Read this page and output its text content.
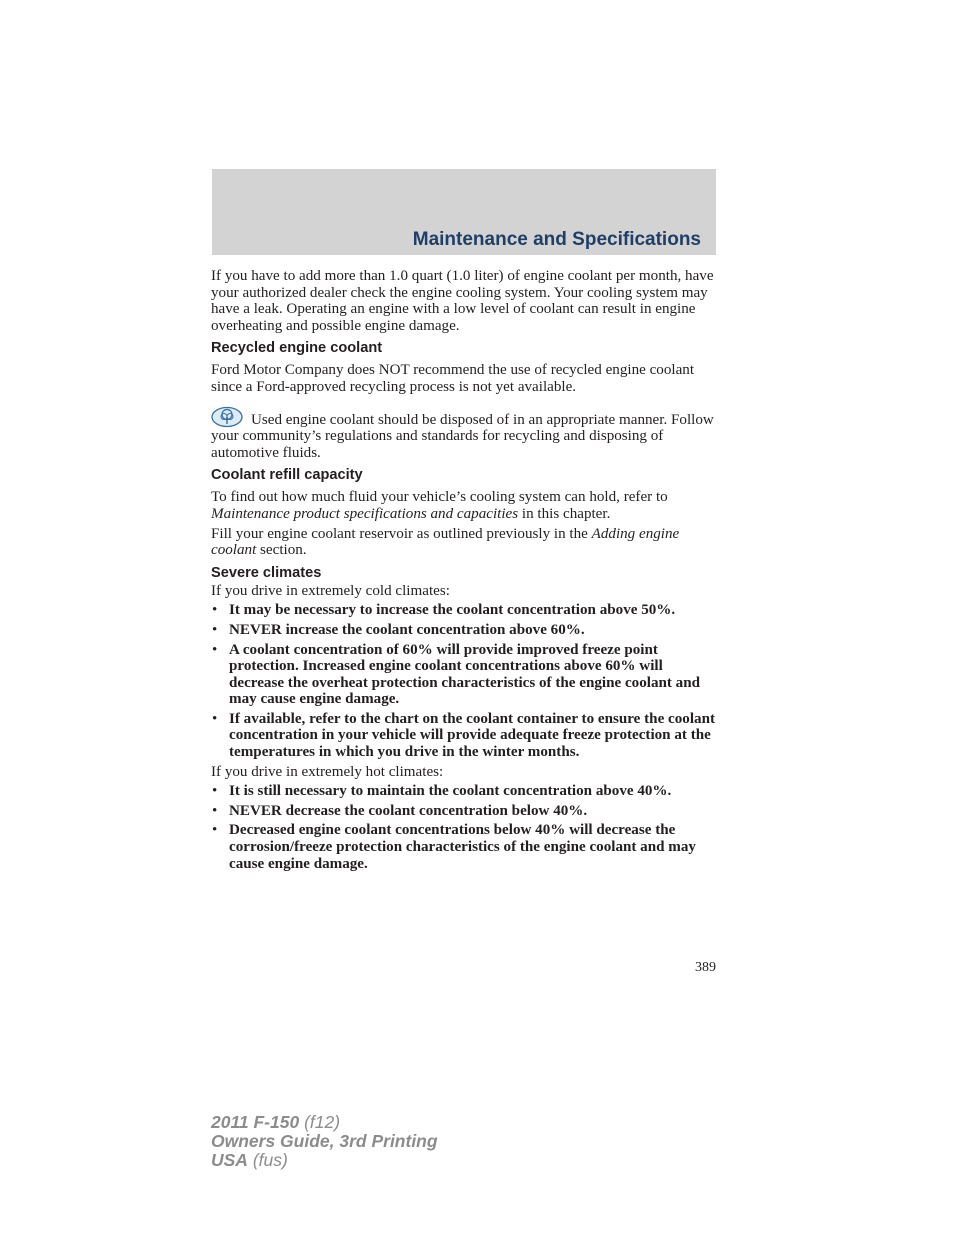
Maintenance and Specifications

If you have to add more than 1.0 quart (1.0 liter) of engine coolant per month, have your authorized dealer check the engine cooling system. Your cooling system may have a leak. Operating an engine with a low level of coolant can result in engine overheating and possible engine damage.

Recycled engine coolant

Ford Motor Company does NOT recommend the use of recycled engine coolant since a Ford-approved recycling process is not yet available.

Used engine coolant should be disposed of in an appropriate manner. Follow your community’s regulations and standards for recycling and disposing of automotive fluids.

Coolant refill capacity

To find out how much fluid your vehicle’s cooling system can hold, refer to Maintenance product specifications and capacities in this chapter.

Fill your engine coolant reservoir as outlined previously in the Adding engine coolant section.

Severe climates

If you drive in extremely cold climates:

• It may be necessary to increase the coolant concentration above 50%.
• NEVER increase the coolant concentration above 60%.
• A coolant concentration of 60% will provide improved freeze point protection. Increased engine coolant concentrations above 60% will decrease the overheat protection characteristics of the engine coolant and may cause engine damage.
• If available, refer to the chart on the coolant container to ensure the coolant concentration in your vehicle will provide adequate freeze protection at the temperatures in which you drive in the winter months.

If you drive in extremely hot climates:

• It is still necessary to maintain the coolant concentration above 40%.
• NEVER decrease the coolant concentration below 40%.
• Decreased engine coolant concentrations below 40% will decrease the corrosion/freeze protection characteristics of the engine coolant and may cause engine damage.
389
2011 F-150 (f12)
Owners Guide, 3rd Printing
USA (fus)
